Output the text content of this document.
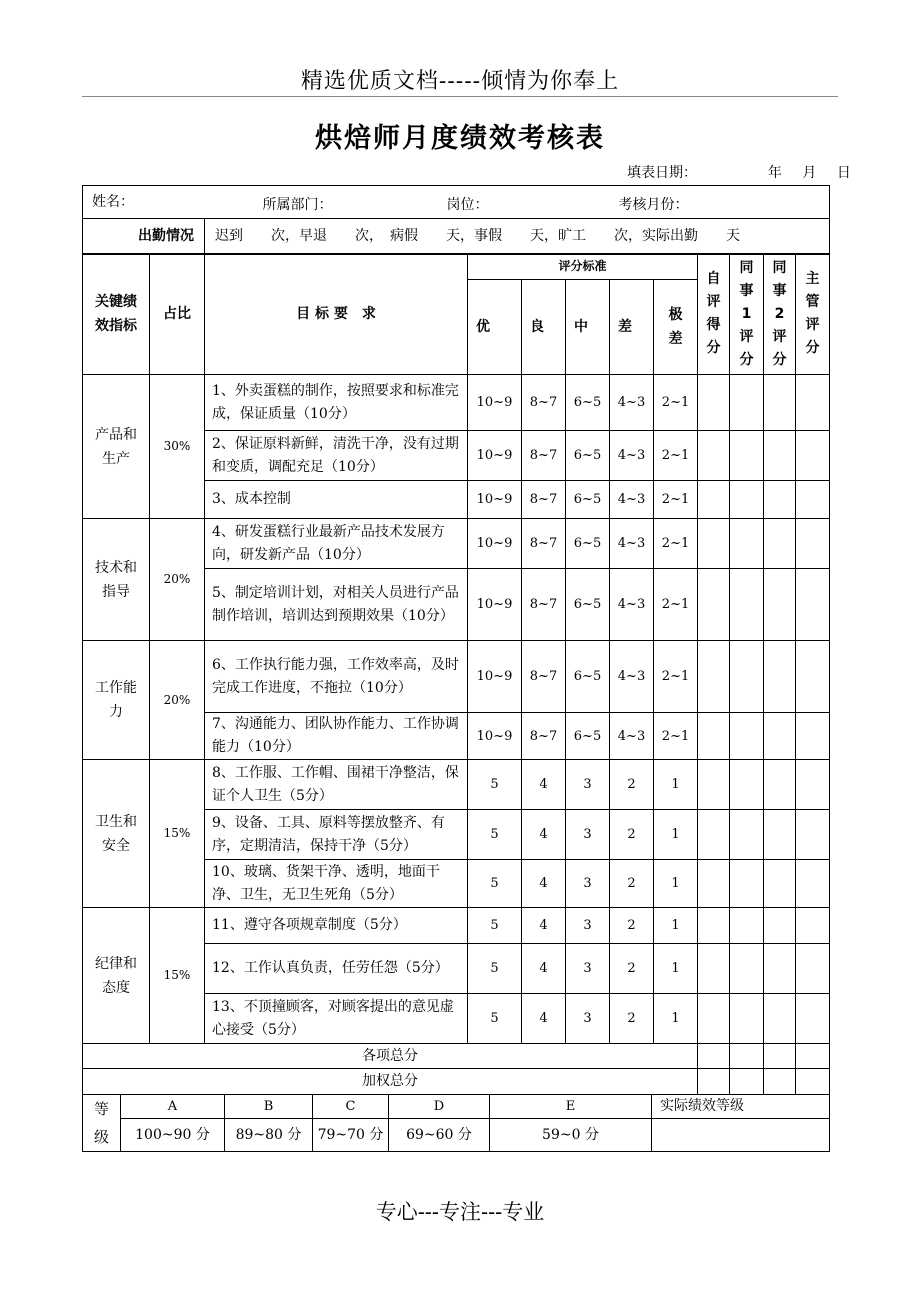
精选优质文档-----倾情为你奉上
烘焙师月度绩效考核表
填表日期：	年 月 日
姓名：	所属部门：	岗位：	考核月份：

出勤情况	迟到　　次，早退　　次，　病假　　天，事假　　天，旷工　　次，实际出勤　　天
关键绩效指标	占比	目 标 要　求	评分标准					自评得分	同事1评分	同事2评分	主管评分

			优	良	中	差	极差				

产品和生产	30%	1、外卖蛋糕的制作，按照要求和标准完成，保证质量（10分）	10~9	8~7	6~5	4~3	2~1				
		2、保证原料新鲜，清洗干净，没有过期和变质，调配充足（10分）	10~9	8~7	6~5	4~3	2~1				
		3、成本控制	10~9	8~7	6~5	4~3	2~1				

技术和指导	20%	4、研发蛋糕行业最新产品技术发展方向，研发新产品（10分）	10~9	8~7	6~5	4~3	2~1				
		5、制定培训计划，对相关人员进行产品制作培训，培训达到预期效果（10分）	10~9	8~7	6~5	4~3	2~1				

工作能力	20%	6、工作执行能力强，工作效率高，及时完成工作进度，不拖拉（10分）	10~9	8~7	6~5	4~3	2~1				
		7、沟通能力、团队协作能力、工作协调能力（10分）	10~9	8~7	6~5	4~3	2~1				

卫生和安全	15%	8、工作服、工作帽、围裙干净整洁，保证个人卫生（5分）	5	4	3	2	1				
		9、设备、工具、原料等摆放整齐、有序，定期清洁，保持干净（5分）	5	4	3	2	1				
		10、玻璃、货架干净、透明，地面干净、卫生，无卫生死角（5分）	5	4	3	2	1				

纪律和态度	15%	11、遵守各项规章制度（5分）	5	4	3	2	1				
		12、工作认真负责，任劳任怨（5分）	5	4	3	2	1				
		13、不顶撞顾客，对顾客提出的意见虚心接受（5分）	5	4	3	2	1				
各项总分											
加权总分											
等级	A	B	C	D	E	实际绩效等级
	100~90 分	89~80 分	79~70 分	69~60 分	59~0 分	
专心---专注---专业
